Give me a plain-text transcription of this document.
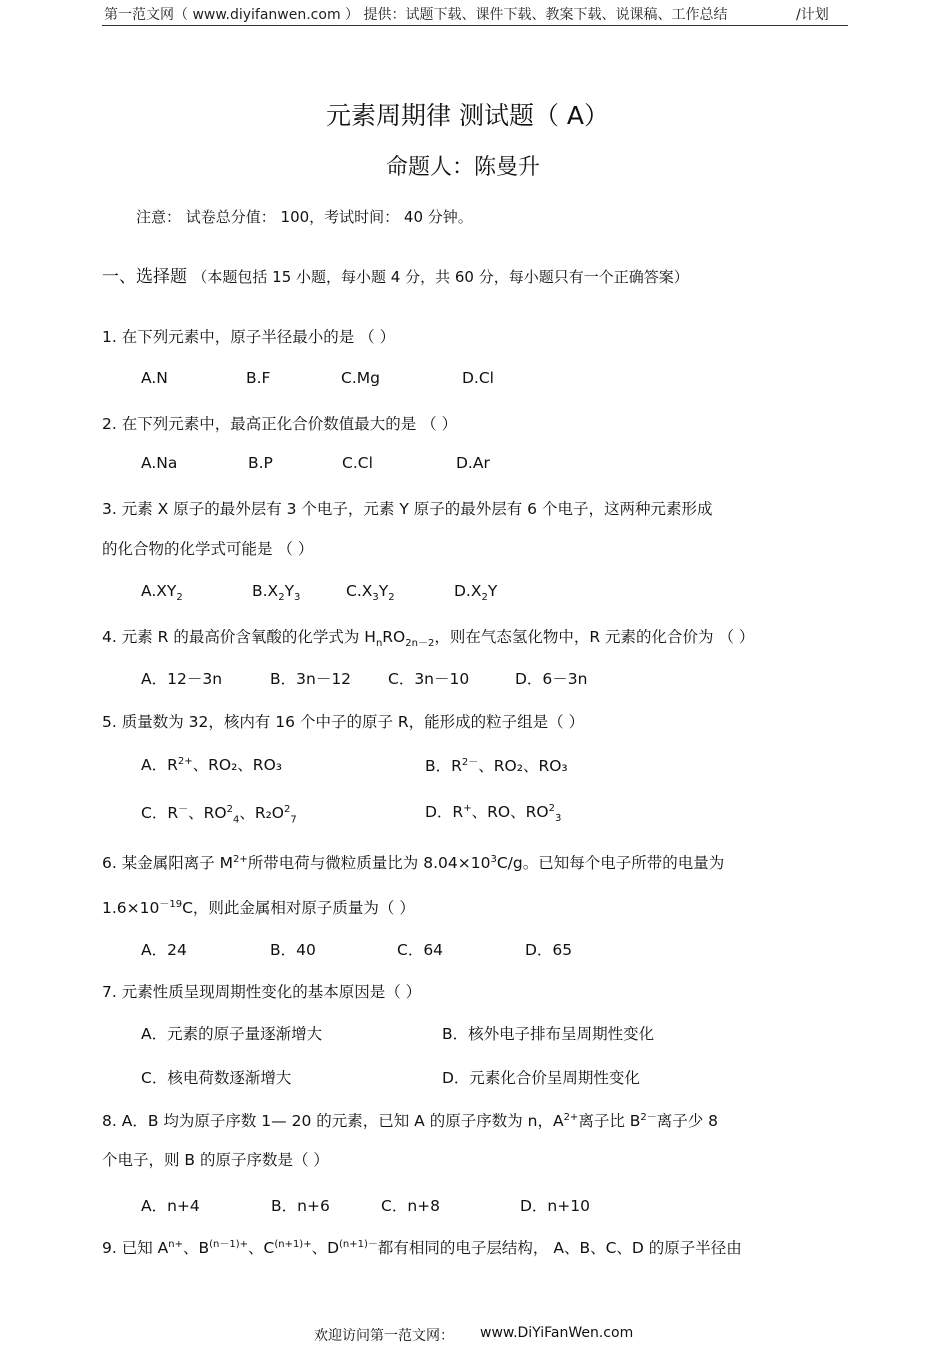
第一范文网（ www.diyifanwen.com ） 提供：试题下载、课件下载、教案下载、说课稿、工作总结	/计划
元素周期律 测试题（ A）
命题人：陈曼升
注意： 试卷总分值： 100，考试时间： 40 分钟。
一、选择题 （本题包括 15 小题，每小题 4 分，共 60 分，每小题只有一个正确答案）
1. 在下列元素中，原子半径最小的是 （ ）
A.N	B.F	C.Mg	D.Cl
2. 在下列元素中，最高正化合价数值最大的是 （ ）
A.Na	B.P	C.Cl	D.Ar
3. 元素 X 原子的最外层有 3 个电子，元素 Y 原子的最外层有 6 个电子，这两种元素形成
的化合物的化学式可能是 （ ）
$A.XY_2$	$B.X_2Y_3$	$C.X_3Y_2$	$D.X_2Y$
4. 元素 R 的最高价含氧酸的化学式为 $H_nRO_{2n-2}$，则在气态氢化物中，R 元素的化合价为 （ ）
A．12－3n	B．3n－12 C．3n－10	D．6－3n
5. 质量数为 32，核内有 16 个中子的原子 R，能形成的粒子组是（ ）
A．$R^{2+}$、RO₂、RO₃	B．$R^{2-}$、RO₂、RO₃
C．R－、$RO^2_4$、$R_2O^2_7$	D．R+、RO、$RO^2_3$
6. 某金属阳离子 $M^{2+}$所带电荷与微粒质量比为 $8.04\times 10^3C/g$。已知每个电子所带的电量为
$1.6\times 10^{-19}C$，则此金属相对原子质量为（ ）
A．24	B．40	C．64	D．65
7. 元素性质呈现周期性变化的基本原因是（ ）
A．元素的原子量逐渐增大	B．核外电子排布呈周期性变化
C．核电荷数逐渐增大	D．元素化合价呈周期性变化
8. A．B 均为原子序数 1— 20 的元素，已知 A 的原子序数为 n，$A^{2+}$离子比 $B^{2-}$离子少 8
个电子，则 B 的原子序数是（ ）
A．n+4	B．n+6	C．n+8	D．n+10
9. 已知 $A^{n+}$、$B^{(n-1)+}$、$C^{(n+1)+}$、$D^{(n+1)-}$都有相同的电子层结构， A、B、C、D 的原子半径由
欢迎访问第一范文网： www.DiYiFanWen.com
